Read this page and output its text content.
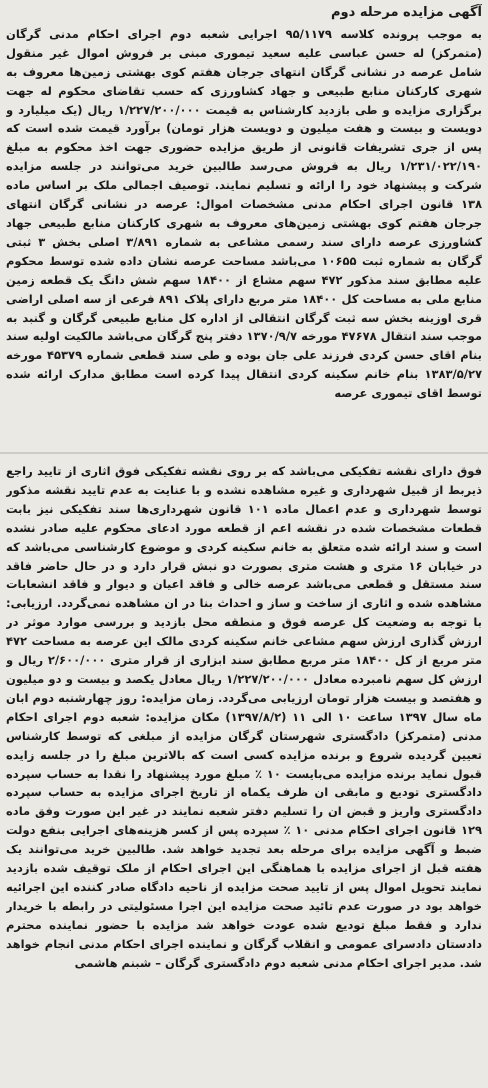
آگهی مزایده مرحله دوم

به موجب پرونده کلاسه ۹۵/۱۱۷۹ اجرایی شعبه دوم اجرای احکام مدنی گرگان (متمرکز) له حسن عباسی علیه سعید تیموری مبنی بر فروش اموال غیر منقول شامل عرصه در نشانی گرگان انتهای جرجان هفتم کوی بهشتی زمین‌ها معروف به شهری کارکنان منابع طبیعی و جهاد کشاورزی که حسب تقاضای محکوم له جهت برگزاری مزایده و طی بازدید کارشناس به قیمت ۱/۲۲۷/۲۰۰/۰۰۰ ریال (یک میلیارد و دویست و بیست و هفت میلیون و دویست هزار تومان) برآورد قیمت شده است که پس از جری تشریفات قانونی از طریق مزایده حضوری جهت اخذ محکوم به مبلغ ۱/۲۳۱/۰۲۲/۱۹۰ ریال به فروش می‌رسد طالبین خرید می‌توانند در جلسه مزایده شرکت و پیشنهاد خود را ارائه و تسلیم نمایند. توصیف اجمالی ملک بر اساس ماده ۱۳۸ قانون اجرای احکام مدنی مشخصات اموال: عرصه در نشانی گرگان انتهای جرجان هفتم کوی بهشتی زمین‌های معروف به شهری کارکنان منابع طبیعی جهاد کشاورزی عرصه دارای سند رسمی مشاعی به شماره ۳/۸۹۱ اصلی بخش ۳ ثبتی گرگان به شماره ثبت ۱۰۶۵۵ می‌باشد مساحت عرصه نشان داده شده توسط محکوم علیه مطابق سند مذکور ۴۷۲ سهم مشاع از ۱۸۴۰۰ سهم شش دانگ یک قطعه زمین منابع ملی به مساحت کل ۱۸۴۰۰ متر مربع دارای پلاک ۸۹۱ فرعی از سه اصلی اراضی قری اوزینه بخش سه ثبت گرگان انتقالی از اداره کل منابع طبیعی گرگان و گنبد به موجب سند انتقال ۴۷۶۷۸ مورخه ۱۳۷۰/۹/۷ دفتر پنج گرگان می‌باشد مالکیت اولیه سند بنام اقای حسن کردی فرزند علی جان بوده و طی سند قطعی شماره ۴۵۳۷۹ مورخه ۱۳۸۳/۵/۲۷ بنام خانم سکینه کردی انتقال پیدا کرده است مطابق مدارک ارائه شده توسط اقای تیموری عرصه

فوق دارای نقشه تفکیکی می‌باشد که بر روی نقشه تفکیکی فوق اثاری از تایید راجع ذیربط از قبیل شهرداری و غیره مشاهده نشده و با عنایت به عدم تایید نقشه مذکور توسط شهرداری و عدم اعمال ماده ۱۰۱ قانون شهرداری‌ها سند تفکیکی نیز بابت قطعات مشخصات شده در نقشه اعم از قطعه مورد ادعای محکوم علیه صادر نشده است و سند ارائه شده متعلق به خانم سکینه کردی و موضوع کارشناسی می‌باشد که در خیابان ۱۶ متری و هشت متری بصورت دو نبش قرار دارد و در حال حاضر فاقد سند مستقل و قطعی می‌باشد عرصه خالی و فاقد اعیان و دیوار و فاقد انشعابات مشاهده شده و اثاری از ساخت و ساز و احداث بنا در ان مشاهده نمی‌گردد. ارزیابی: با توجه به وضعیت کل عرصه فوق و منطقه محل بازدید و بررسی موارد موثر در ارزش گذاری ارزش سهم مشاعی خانم سکینه کردی مالک این عرصه به مساحت ۴۷۲ متر مربع از کل ۱۸۴۰۰ متر مربع مطابق سند ابزاری از قرار متری ۲/۶۰۰/۰۰۰ ریال و ارزش کل سهم نامبرده معادل ۱/۲۲۷/۲۰۰/۰۰۰ ریال معادل یکصد و بیست و دو میلیون و هفتصد و بیست هزار تومان ارزیابی می‌گردد. زمان مزایده: روز چهارشنبه دوم ابان ماه سال ۱۳۹۷ ساعت ۱۰ الی ۱۱ (۱۳۹۷/۸/۲) مکان مزایده: شعبه دوم اجرای احکام مدنی (متمرکز) دادگستری شهرستان گرگان مزایده از مبلغی که توسط کارشناس تعیین گردیده شروع و برنده مزایده کسی است که بالاترین مبلغ را در جلسه زایده قبول نماید برنده مزایده می‌بایست ۱۰ ٪ مبلغ مورد پیشنهاد را نقدا به حساب سپرده دادگستری تودیع و مابقی ان ظرف یکماه از تاریخ اجرای مزایده به حساب سپرده دادگستری واریز و قبض ان را تسلیم دفتر شعبه نمایند در غیر این صورت وفق ماده ۱۲۹ قانون اجرای احکام مدنی ۱۰ ٪ سپرده پس از کسر هزینه‌های اجرایی بنفع دولت ضبط و آگهی مزایده برای مرحله بعد تجدید خواهد شد. طالبین خرید می‌توانند یک هفته قبل از اجرای مزایده با هماهنگی این اجرای احکام از ملک توقیف شده بازدید نمایند تحویل اموال پس از تایید صحت مزایده از ناحیه دادگاه صادر کننده این اجرائیه خواهد بود در صورت عدم تائید صحت مزایده این اجرا مسئولیتی در رابطه با خریدار ندارد و فقط مبلغ تودیع شده عودت خواهد شد مزایده با حضور نماینده محترم دادستان دادسرای عمومی و انقلاب گرگان و نماینده اجرای احکام مدنی انجام خواهد شد. مدیر اجرای احکام مدنی شعبه دوم دادگستری گرگان – شبنم هاشمی
